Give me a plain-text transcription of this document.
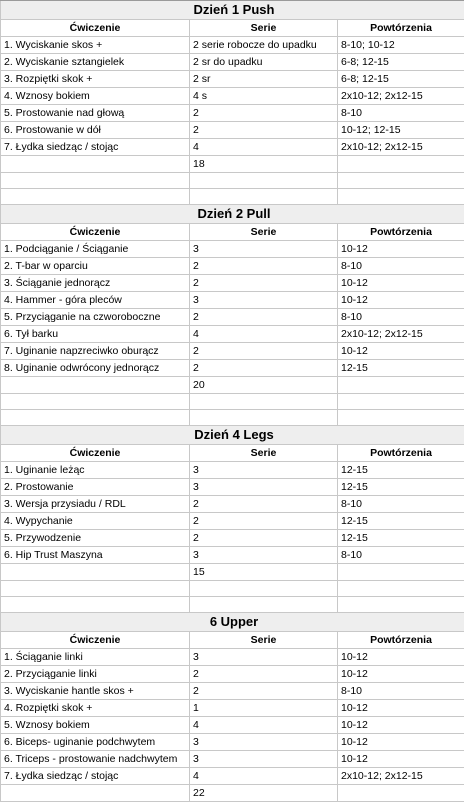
Dzień 1 Push		
Ćwiczenie	Serie	Powtórzenia
1. Wyciskanie skos +	2 serie robocze do upadku	8-10; 10-12
2. Wyciskanie sztangielek	2 sr do upadku	6-8; 12-15
3. Rozpiętki skok +	2 sr	6-8; 12-15
4. Wznosy bokiem	4 s	2x10-12; 2x12-15
5. Prostowanie nad głową	2	8-10
6. Prostowanie w dół	2	10-12; 12-15
7. Łydka siedząc / stojąc	4	2x10-12; 2x12-15
	18	

Dzień 2 Pull		
Ćwiczenie	Serie	Powtórzenia
1. Podciąganie / Ściąganie	3	10-12
2. T-bar w oparciu	2	8-10
3. Ściąganie jednorącz	2	10-12
4. Hammer - góra pleców	3	10-12
5. Przyciąganie na czworoboczne	2	8-10
6. Tył barku	4	2x10-12; 2x12-15
7. Uginanie napzreciwko oburącz	2	10-12
8. Uginanie odwrócony jednorącz	2	12-15
	20	

Dzień 4 Legs		
Ćwiczenie	Serie	Powtórzenia
1. Uginanie leżąc	3	12-15
2. Prostowanie	3	12-15
3. Wersja przysiadu / RDL	2	8-10
4. Wypychanie	2	12-15
5. Przywodzenie	2	12-15
6. Hip Trust Maszyna	3	8-10
	15	

6 Upper		
Ćwiczenie	Serie	Powtórzenia
1. Ściąganie linki	3	10-12
2. Przyciąganie linki	2	10-12
3. Wyciskanie hantle skos +	2	8-10
4. Rozpiętki skok +	1	10-12
5. Wznosy bokiem	4	10-12
6. Biceps- uginanie podchwytem	3	10-12
6. Triceps - prostowanie nadchwytem	3	10-12
7. Łydka siedząc / stojąc	4	2x10-12; 2x12-15
	22	
